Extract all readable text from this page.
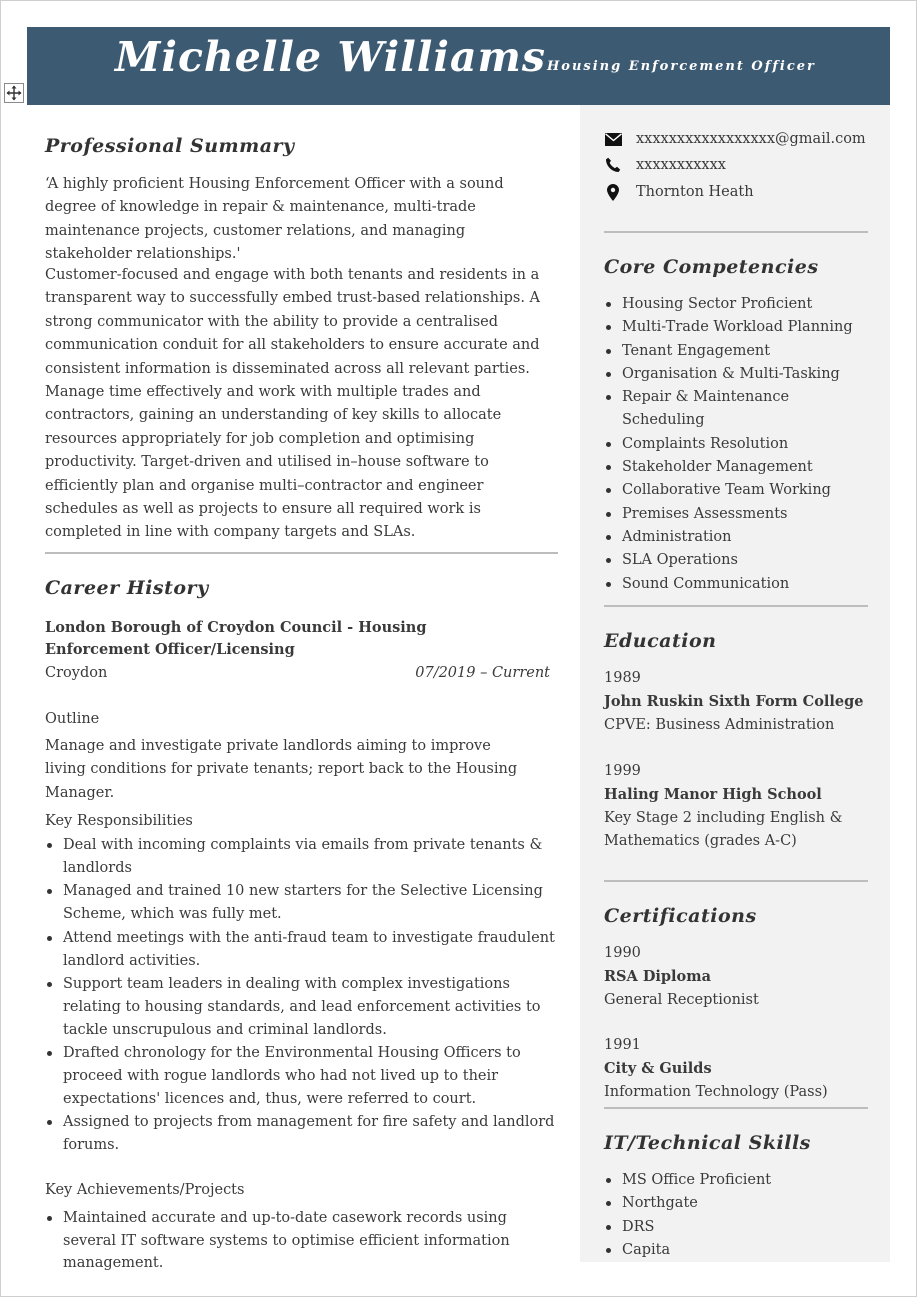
Michelle Williams Housing Enforcement Officer
xxxxxxxxxxxxxxxxx@gmail.com
xxxxxxxxxxx
Thornton Heath
Core Competencies
Housing Sector Proficient
Multi-Trade Workload Planning
Tenant Engagement
Organisation & Multi-Tasking
Repair & Maintenance Scheduling
Complaints Resolution
Stakeholder Management
Collaborative Team Working
Premises Assessments
Administration
SLA Operations
Sound Communication
Education

1989

John Ruskin Sixth Form College

CPVE: Business Administration

1999

Haling Manor High School

Key Stage 2 including English & Mathematics (grades A-C)

Certifications

1990

RSA Diploma

General Receptionist

1991

City & Guilds

Information Technology (Pass)

IT/Technical Skills
MS Office Proficient
Northgate
DRS
Capita
Professional Summary

‘A highly proficient Housing Enforcement Officer with a sound degree of knowledge in repair & maintenance, multi-trade maintenance projects, customer relations, and managing stakeholder relationships.'

Customer-focused and engage with both tenants and residents in a transparent way to successfully embed trust-based relationships. A strong communicator with the ability to provide a centralised communication conduit for all stakeholders to ensure accurate and consistent information is disseminated across all relevant parties. Manage time effectively and work with multiple trades and contractors, gaining an understanding of key skills to allocate resources appropriately for job completion and optimising productivity. Target-driven and utilised in–house software to efficiently plan and organise multi–contractor and engineer schedules as well as projects to ensure all required work is completed in line with company targets and SLAs.

Career History

London Borough of Croydon Council - Housing Enforcement Officer/Licensing

Croydon	07/2019 – Current

Outline

Manage and investigate private landlords aiming to improve living conditions for private tenants; report back to the Housing Manager.

Key Responsibilities

Deal with incoming complaints via emails from private tenants & landlords
Managed and trained 10 new starters for the Selective Licensing Scheme, which was fully met.
Attend meetings with the anti-fraud team to investigate fraudulent landlord activities.
Support team leaders in dealing with complex investigations relating to housing standards, and lead enforcement activities to tackle unscrupulous and criminal landlords.
Drafted chronology for the Environmental Housing Officers to proceed with rogue landlords who had not lived up to their expectations' licences and, thus, were referred to court.
Assigned to projects from management for fire safety and landlord forums.

Key Achievements/Projects

Maintained accurate and up-to-date casework records using several IT software systems to optimise efficient information management.
